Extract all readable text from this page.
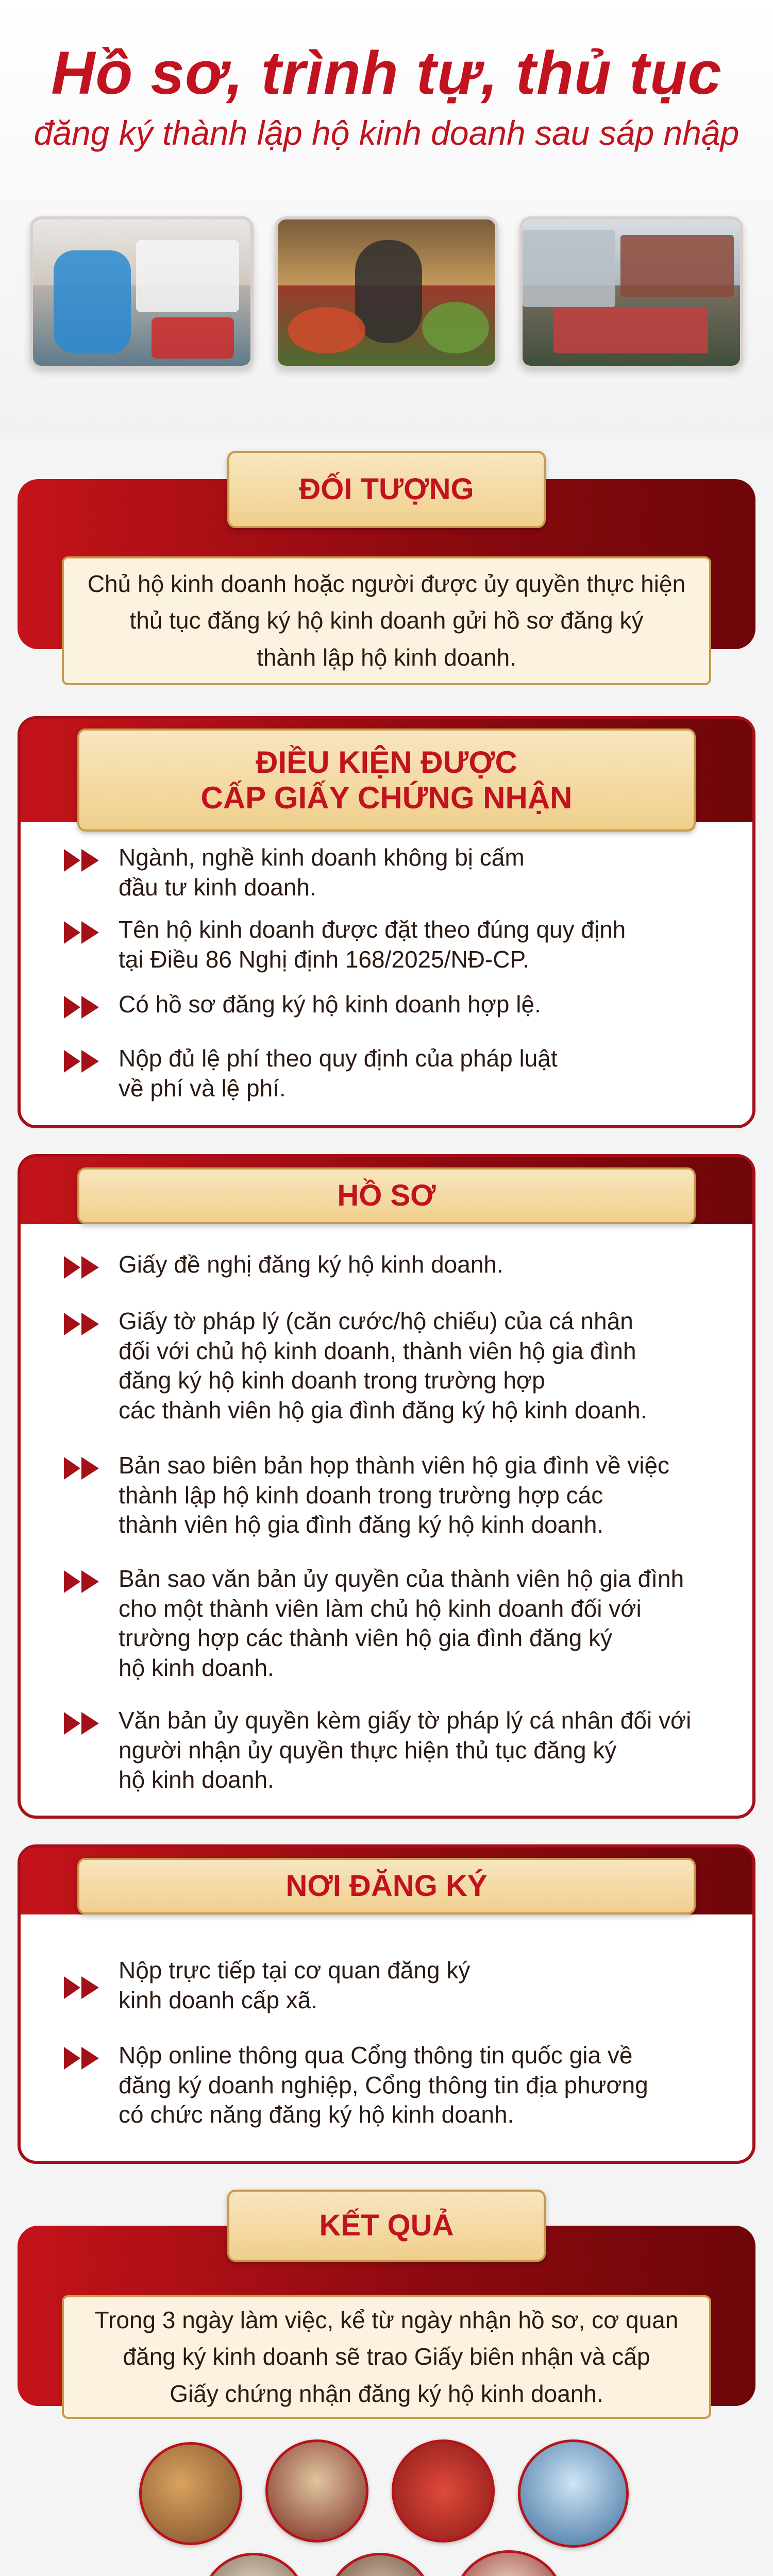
Hồ sơ, trình tự, thủ tục
đăng ký thành lập hộ kinh doanh sau sáp nhập
ĐỐI TƯỢNG
Chủ hộ kinh doanh hoặc người được ủy quyền thực hiện
thủ tục đăng ký hộ kinh doanh gửi hồ sơ đăng ký
thành lập hộ kinh doanh.
ĐIỀU KIỆN ĐƯỢC
CẤP GIẤY CHỨNG NHẬN
Ngành, nghề kinh doanh không bị cấm
đầu tư kinh doanh.
Tên hộ kinh doanh được đặt theo đúng quy định
tại Điều 86 Nghị định 168/2025/NĐ-CP.
Có hồ sơ đăng ký hộ kinh doanh hợp lệ.
Nộp đủ lệ phí theo quy định của pháp luật
về phí và lệ phí.
HỒ SƠ
Giấy đề nghị đăng ký hộ kinh doanh.
Giấy tờ pháp lý (căn cước/hộ chiếu) của cá nhân
đối với chủ hộ kinh doanh, thành viên hộ gia đình
đăng ký hộ kinh doanh trong trường hợp
các thành viên hộ gia đình đăng ký hộ kinh doanh.
Bản sao biên bản họp thành viên hộ gia đình về việc
thành lập hộ kinh doanh trong trường hợp các
thành viên hộ gia đình đăng ký hộ kinh doanh.
Bản sao văn bản ủy quyền của thành viên hộ gia đình
cho một thành viên làm chủ hộ kinh doanh đối với
trường hợp các thành viên hộ gia đình đăng ký
hộ kinh doanh.
Văn bản ủy quyền kèm giấy tờ pháp lý cá nhân đối với
người nhận ủy quyền thực hiện thủ tục đăng ký
hộ kinh doanh.
NƠI ĐĂNG KÝ
Nộp trực tiếp tại cơ quan đăng ký
kinh doanh cấp xã.
Nộp online thông qua Cổng thông tin quốc gia về
đăng ký doanh nghiệp, Cổng thông tin địa phương
có chức năng đăng ký hộ kinh doanh.
KẾT QUẢ
Trong 3 ngày làm việc, kể từ ngày nhận hồ sơ, cơ quan
đăng ký kinh doanh sẽ trao Giấy biên nhận và cấp
Giấy chứng nhận đăng ký hộ kinh doanh.
